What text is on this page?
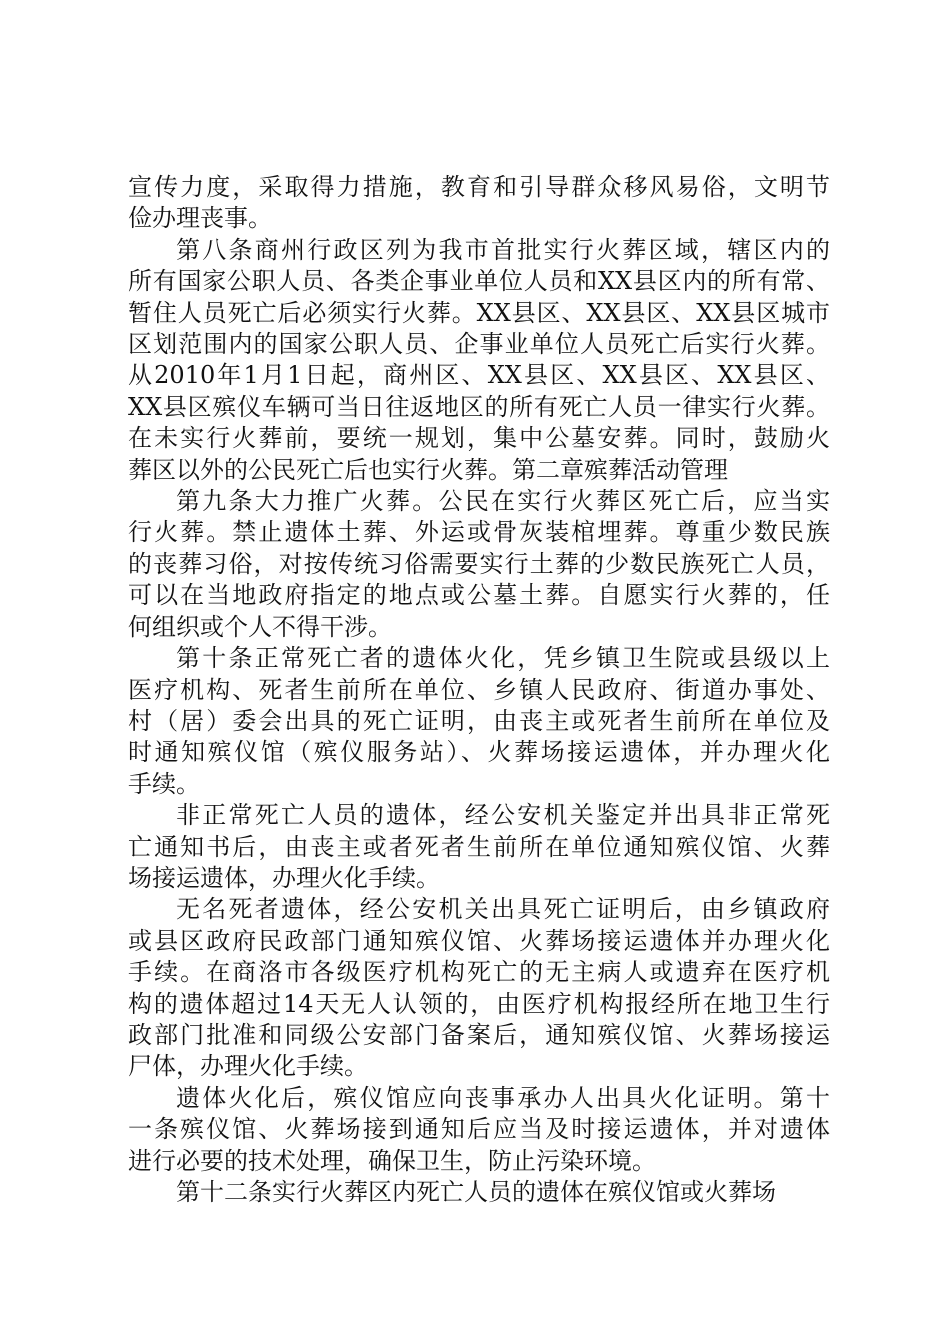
宣传力度，采取得力措施，教育和引导群众移风易俗，文明节
俭办理丧事。
第八条商州行政区列为我市首批实行火葬区域，辖区内的
所有国家公职人员、各类企事业单位人员和XX县区内的所有常、
暂住人员死亡后必须实行火葬。XX县区、XX县区、XX县区城市
区划范围内的国家公职人员、企事业单位人员死亡后实行火葬。
从2010年1月1日起，商州区、XX县区、XX县区、XX县区、
XX县区殡仪车辆可当日往返地区的所有死亡人员一律实行火葬。
在未实行火葬前，要统一规划，集中公墓安葬。同时，鼓励火
葬区以外的公民死亡后也实行火葬。第二章殡葬活动管理
第九条大力推广火葬。公民在实行火葬区死亡后，应当实
行火葬。禁止遗体土葬、外运或骨灰装棺埋葬。尊重少数民族
的丧葬习俗，对按传统习俗需要实行土葬的少数民族死亡人员，
可以在当地政府指定的地点或公墓土葬。自愿实行火葬的，任
何组织或个人不得干涉。
第十条正常死亡者的遗体火化，凭乡镇卫生院或县级以上
医疗机构、死者生前所在单位、乡镇人民政府、街道办事处、
村（居）委会出具的死亡证明，由丧主或死者生前所在单位及
时通知殡仪馆（殡仪服务站）、火葬场接运遗体，并办理火化
手续。
非正常死亡人员的遗体，经公安机关鉴定并出具非正常死
亡通知书后，由丧主或者死者生前所在单位通知殡仪馆、火葬
场接运遗体，办理火化手续。
无名死者遗体，经公安机关出具死亡证明后，由乡镇政府
或县区政府民政部门通知殡仪馆、火葬场接运遗体并办理火化
手续。在商洛市各级医疗机构死亡的无主病人或遗弃在医疗机
构的遗体超过14天无人认领的，由医疗机构报经所在地卫生行
政部门批准和同级公安部门备案后，通知殡仪馆、火葬场接运
尸体，办理火化手续。
遗体火化后，殡仪馆应向丧事承办人出具火化证明。第十
一条殡仪馆、火葬场接到通知后应当及时接运遗体，并对遗体
进行必要的技术处理，确保卫生，防止污染环境。
第十二条实行火葬区内死亡人员的遗体在殡仪馆或火葬场
